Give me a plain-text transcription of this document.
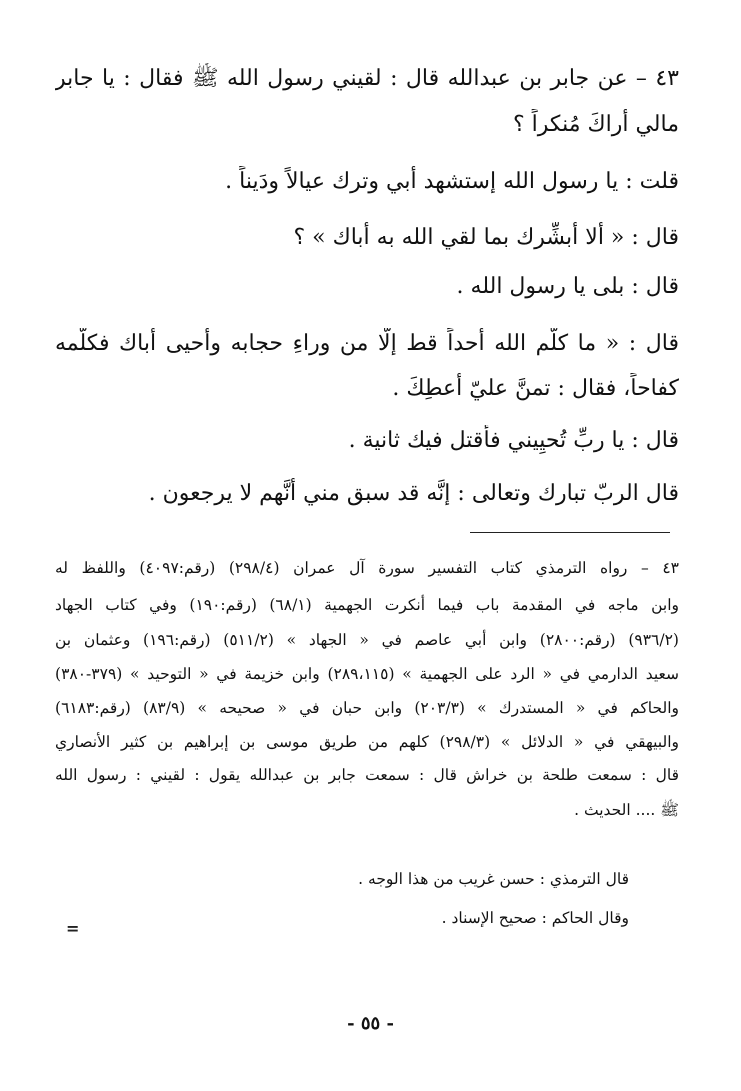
٤٣ – عن جابر بن عبدالله قال : لقيني رسول الله ﷺ فقال : يا جابر
مالي أراكَ مُنكراً ؟
قلت : يا رسول الله إستشهد أبي وترك عيالاً ودَيناً .
قال : « ألا أُبشِّرك بما لقي الله به أباك » ؟
قال : بلى يا رسول الله .
قال : « ما كلَّم الله أحداً قط إلّا من وراءِ حجابه وأحيى أباك فكلّمه
كفاحاً، فقال : تمنَّ عليّ أُعطِكَ .
قال : يا ربِّ تُحيِيني فأُقتل فيك ثانية .
قال الربّ تبارك وتعالى : إنَّه قد سبق مني أنَّهم لا يرجعون .
٤٣ – رواه الترمذي كتاب التفسير سورة آل عمران (٢٩٨/٤) (رقم:٤٠٩٧) واللفظ له
وابن ماجه في المقدمة باب فيما أنكرت الجهمية (٦٨/١) (رقم:١٩٠) وفي كتاب الجهاد
(٩٣٦/٢) (رقم:٢٨٠٠) وابن أبي عاصم في « الجهاد » (٥١١/٢) (رقم:١٩٦) وعثمان بن
سعيد الدارمي في « الرد على الجهمية » (٢٨٩،١١٥) وابن خزيمة في « التوحيد » (٣٧٩-٣٨٠)
والحاكم في « المستدرك » (٢٠٣/٣) وابن حبان في « صحيحه » (٨٣/٩) (رقم:٦١٨٣)
والبيهقي في « الدلائل » (٢٩٨/٣) كلهم من طريق موسى بن إبراهيم بن كثير الأنصاري
قال : سمعت طلحة بن خراش قال : سمعت جابر بن عبدالله يقول : لقيني : رسول الله
ﷺ .... الحديث .
قال الترمذي : حسن غريب من هذا الوجه .
وقال الحاكم : صحيح الإسناد .
=
- ٥٥ -
